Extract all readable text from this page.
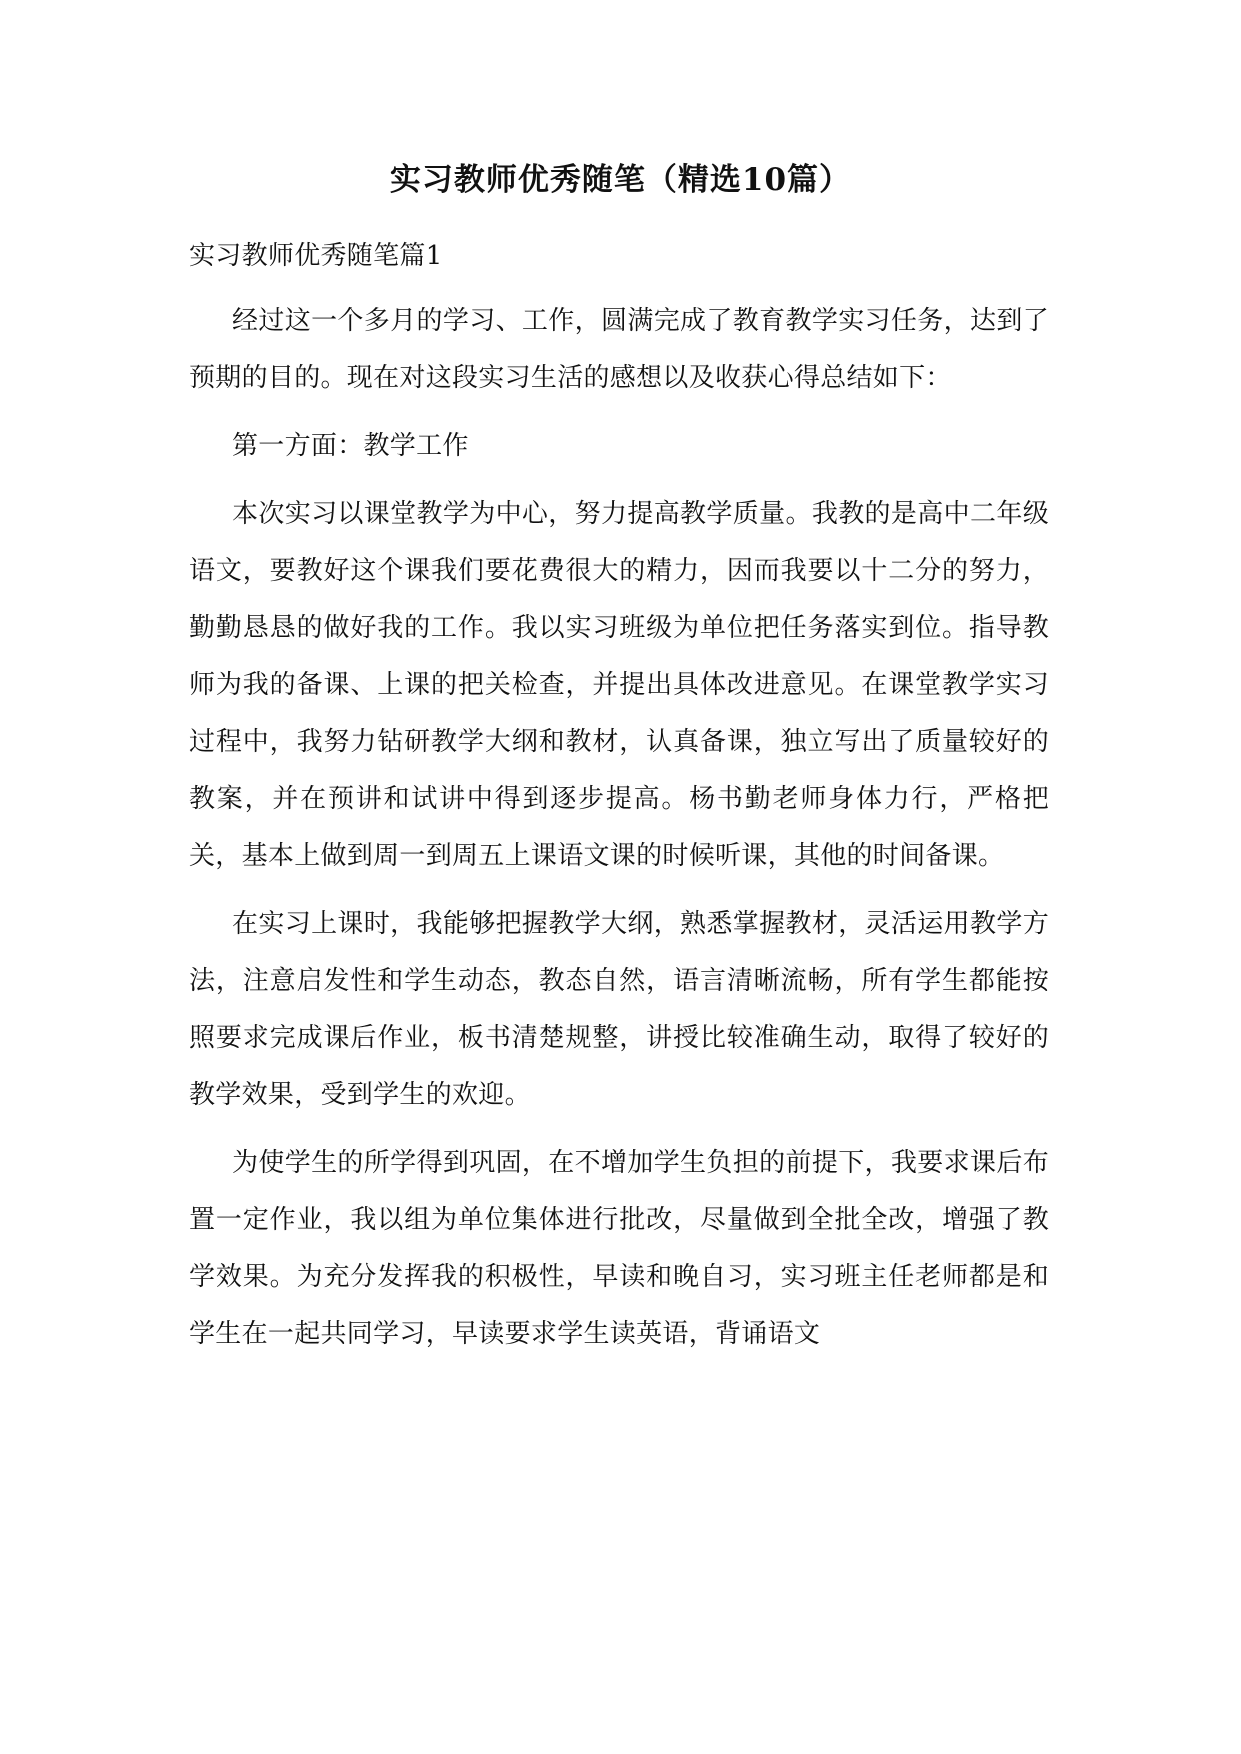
实习教师优秀随笔（精选10篇）

实习教师优秀随笔篇1

经过这一个多月的学习、工作，圆满完成了教育教学实习任务，达到了预期的目的。现在对这段实习生活的感想以及收获心得总结如下：

第一方面：教学工作

本次实习以课堂教学为中心，努力提高教学质量。我教的是高中二年级语文，要教好这个课我们要花费很大的精力，因而我要以十二分的努力，勤勤恳恳的做好我的工作。我以实习班级为单位把任务落实到位。指导教师为我的备课、上课的把关检查，并提出具体改进意见。在课堂教学实习过程中，我努力钻研教学大纲和教材，认真备课，独立写出了质量较好的教案，并在预讲和试讲中得到逐步提高。杨书勤老师身体力行，严格把关，基本上做到周一到周五上课语文课的时候听课，其他的时间备课。

在实习上课时，我能够把握教学大纲，熟悉掌握教材，灵活运用教学方法，注意启发性和学生动态，教态自然，语言清晰流畅，所有学生都能按照要求完成课后作业，板书清楚规整，讲授比较准确生动，取得了较好的教学效果，受到学生的欢迎。

为使学生的所学得到巩固，在不增加学生负担的前提下，我要求课后布置一定作业，我以组为单位集体进行批改，尽量做到全批全改，增强了教学效果。为充分发挥我的积极性，早读和晚自习，实习班主任老师都是和学生在一起共同学习，早读要求学生读英语，背诵语文
